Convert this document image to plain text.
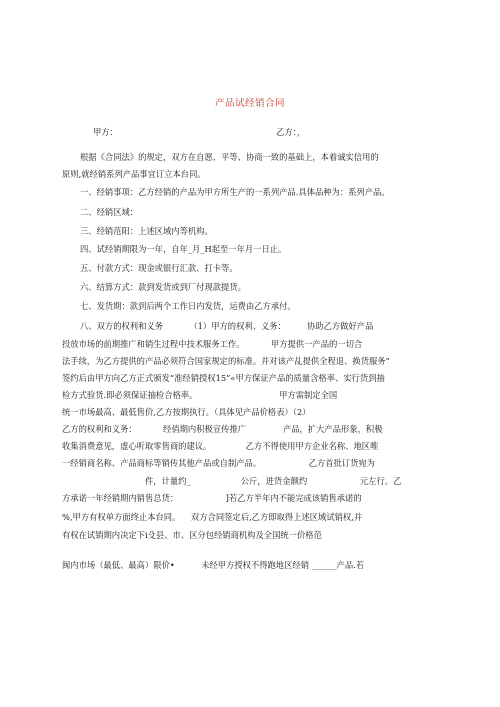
产品试经销合同
甲方：                                                            乙方：，
根据《合同法》的规定，双方在自愿、平等、协商一致的基础上，本着诚实信用的
原则,就经销系列产品事宜订立本台同。
一、经销事项：乙方经销的产品为甲方所生产的一系列产品.具体品种为：系列产品。
二、经销区域：
三、经销范阳：上述区域内等机构。
四、试经销期限为一年，自年_月_H起至一年月一日止。
五、付款方式：现金或银行汇款、打卡等。
六、结算方式：款到发货或到厂付现款提货。
七、发货期：款到后两个工作日内发货，运费由乙方承付。
八、双方的权利和义务          （1）甲方的权利、义务：        协助乙方做好产品
投放市场的前期推广和销生过程中技术服务工作。          甲方提供一产品的一切合
法手续，为乙方提供的产品必须符合国家规定的标准。并对该产乩提供全程退、换货服务”
签约后由甲方向乙方正式颁发“准经销授权15”«甲方保证产品的质量含格率、实行货到抽
检方式验货.即必须保证抽检合格率。                               甲方需制定全国
统一市场最高、最低售价,乙方按期执行。（具体见产品价格表）（2）
乙方的权利和义务：          经俏期内积极宣传推广              产品，扩大产品形象，积极
收集消费意见，虚心听取零售商的建议。             乙方不得使用甲方企业名称、地区唯
一经销商名称、产品商标等销传其他产品或自制产品。                  乙方首批订货宛为
件，计量约_                   公斤，进货金额约                    元左行。乙
方承诺一年经销期内销售总货：                  ]若乙方半年内不能完成该销售承诺的
%,甲方有权单方面终止本台同。    双方合同签定后,乙方即取得上述区域试销权,并
有权在试销期内决定下i殳县、市、区分包经销商机构及全国统一价格范
闽内市场（最低、最高）限价•          未经甲方授权不得跑地区经销 ______产品.若
